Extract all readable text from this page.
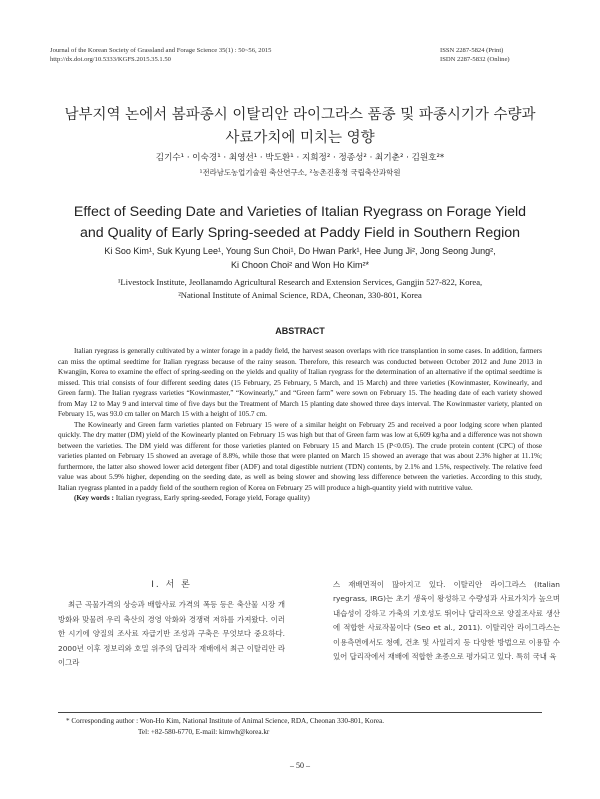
Journal of the Korean Society of Grassland and Forage Science 35(1) : 50~56, 2015
http://dx.doi.org/10.5333/KGFS.2015.35.1.50
ISSN 2287-5824 (Print)
ISDN 2287-5832 (Online)
남부지역 논에서 봄파종시 이탈리안 라이그라스 품종 및 파종시기가 수량과
사료가치에 미치는 영향
김기수¹ · 이숙경¹ · 최영선¹ · 박도환¹ · 지희정² · 정종성² · 최기춘² · 김원호²*
¹전라남도농업기술원 축산연구소, ²농촌진흥청 국립축산과학원
Effect of Seeding Date and Varieties of Italian Ryegrass on Forage Yield
and Quality of Early Spring-seeded at Paddy Field in Southern Region
Ki Soo Kim¹, Suk Kyung Lee¹, Young Sun Choi¹, Do Hwan Park¹, Hee Jung Ji², Jong Seong Jung²,
Ki Choon Choi² and Won Ho Kim²*
¹Livestock Institute, Jeollanamdo Agricultural Research and Extension Services, Gangjin 527-822, Korea,
²National Institute of Animal Science, RDA, Cheonan, 330-801, Korea
ABSTRACT

Italian ryegrass is generally cultivated by a winter forage in a paddy field, the harvest season overlaps with rice transplantion in some cases. In addition, farmers can miss the optimal seedtime for Italian ryegrass because of the rainy season. Therefore, this research was conducted between October 2012 and June 2013 in Kwangjin, Korea to examine the effect of spring-seeding on the yields and quality of Italian ryegrass for the determination of an alternative if the optimal seedtime is missed. This trial consists of four different seeding dates (15 February, 25 February, 5 March, and 15 March) and three varieties (Kowinmaster, Kowinearly, and Green farm). The Italian ryegrass varieties “Kowinmaster,” “Kowinearly,” and “Green farm” were sown on February 15. The heading date of each variety showed from May 12 to May 9 and interval time of five days but the Treatment of March 15 planting date showed three days interval. The Kowinmaster variety, planted on February 15, was 93.0 cm taller on March 15 with a height of 105.7 cm.

The Kowinearly and Green farm varieties planted on February 15 were of a similar height on February 25 and received a poor lodging score when planted quickly. The dry matter (DM) yield of the Kowinearly planted on February 15 was high but that of Green farm was low at 6,609 kg/ha and a difference was not shown between the varieties. The DM yield was different for those varieties planted on February 15 and March 15 (P<0.05). The crude protein content (CPC) of those varieties planted on February 15 showed an average of 8.8%, while those that were planted on March 15 showed an average that was about 2.3% higher at 11.1%; furthermore, the latter also showed lower acid detergent fiber (ADF) and total digestible nutrient (TDN) contents, by 2.1% and 1.5%, respectively. The relative feed value was about 5.9% higher, depending on the seeding date, as well as being slower and showing less difference between the varieties. According to this study, Italian ryegrass planted in a paddy field of the southern region of Korea on February 25 will produce a high-quantity yield with nutritive value.

(Key words : Italian ryegrass, Early spring-seeded, Forage yield, Forage quality)

Ⅰ. 서 론

최근 곡물가격의 상승과 배합사료 가격의 폭등 등은 축산물 시장 개방화와 맞물려 우리 축산의 경영 악화와 경쟁력 저하를 가져왔다. 이러한 시기에 양질의 조사료 자급기반 조성과 구축은 무엇보다 중요하다. 2000년 이후 정보리와 호밀 위주의 답리작 재배에서 최근 이탈리안 라이그라

스 재배면적이 많아지고 있다. 이탈리안 라이그라스 (Italian ryegrass, IRG)는 초기 생육이 왕성하고 수량성과 사료가치가 높으며 내습성이 강하고 가축의 기호성도 뛰어나 답리작으로 양질조사료 생산에 적합한 사료작물이다 (Seo et al., 2011). 이탈리안 라이그라스는 이용측면에서도 청예, 건초 및 사일리지 등 다양한 방법으로 이용할 수 있어 답리작에서 재배에 적합한 초종으로 평가되고 있다. 특히 국내 육

* Corresponding author : Won-Ho Kim, National Institute of Animal Science, RDA, Cheonan 330-801, Korea.
Tel: +82-580-6770, E-mail: kimwh@korea.kr
– 50 –
